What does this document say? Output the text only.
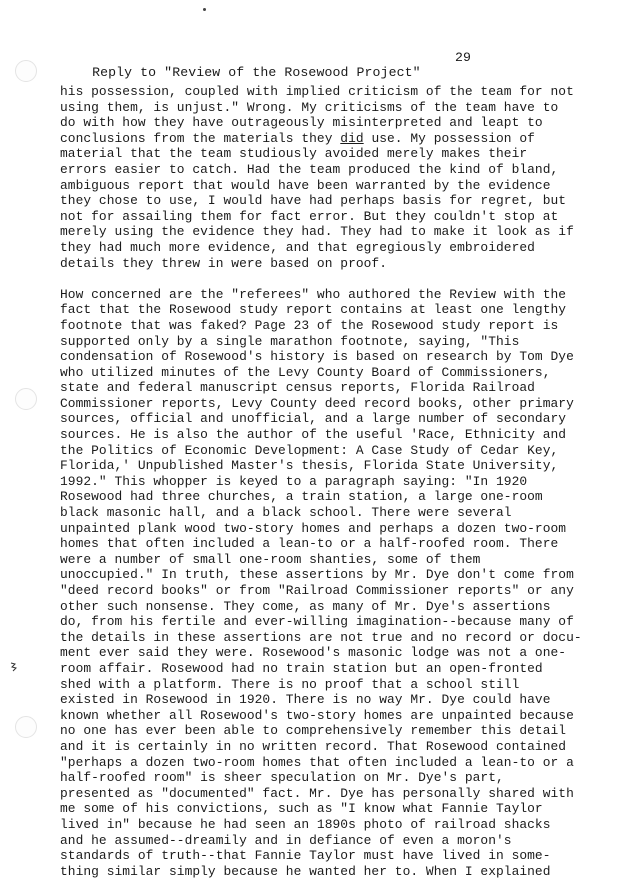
Reply to "Review of the Rosewood Project"

29

his possession, coupled with implied criticism of the team for not
using them, is unjust." Wrong. My criticisms of the team have to
do with how they have outrageously misinterpreted and leapt to
conclusions from the materials they did use. My possession of
material that the team studiously avoided merely makes their
errors easier to catch. Had the team produced the kind of bland,
ambiguous report that would have been warranted by the evidence
they chose to use, I would have had perhaps basis for regret, but
not for assailing them for fact error. But they couldn't stop at
merely using the evidence they had. They had to make it look as if
they had much more evidence, and that egregiously embroidered
details they threw in were based on proof.
How concerned are the "referees" who authored the Review with the
fact that the Rosewood study report contains at least one lengthy
footnote that was faked? Page 23 of the Rosewood study report is
supported only by a single marathon footnote, saying, "This
condensation of Rosewood's history is based on research by Tom Dye
who utilized minutes of the Levy County Board of Commissioners,
state and federal manuscript census reports, Florida Railroad
Commissioner reports, Levy County deed record books, other primary
sources, official and unofficial, and a large number of secondary
sources. He is also the author of the useful 'Race, Ethnicity and
the Politics of Economic Development: A Case Study of Cedar Key,
Florida,' Unpublished Master's thesis, Florida State University,
1992." This whopper is keyed to a paragraph saying: "In 1920
Rosewood had three churches, a train station, a large one-room
black masonic hall, and a black school. There were several
unpainted plank wood two-story homes and perhaps a dozen two-room
homes that often included a lean-to or a half-roofed room. There
were a number of small one-room shanties, some of them
unoccupied." In truth, these assertions by Mr. Dye don't come from
"deed record books" or from "Railroad Commissioner reports" or any
other such nonsense. They come, as many of Mr. Dye's assertions
do, from his fertile and ever-willing imagination--because many of
the details in these assertions are not true and no record or docu-
ment ever said they were. Rosewood's masonic lodge was not a one-
room affair. Rosewood had no train station but an open-fronted
shed with a platform. There is no proof that a school still
existed in Rosewood in 1920. There is no way Mr. Dye could have
known whether all Rosewood's two-story homes are unpainted because
no one has ever been able to comprehensively remember this detail
and it is certainly in no written record. That Rosewood contained
"perhaps a dozen two-room homes that often included a lean-to or a
half-roofed room" is sheer speculation on Mr. Dye's part,
presented as "documented" fact. Mr. Dye has personally shared with
me some of his convictions, such as "I know what Fannie Taylor
lived in" because he had seen an 1890s photo of railroad shacks
and he assumed--dreamily and in defiance of even a moron's
standards of truth--that Fannie Taylor must have lived in some-
thing similar simply because he wanted her to. When I explained
